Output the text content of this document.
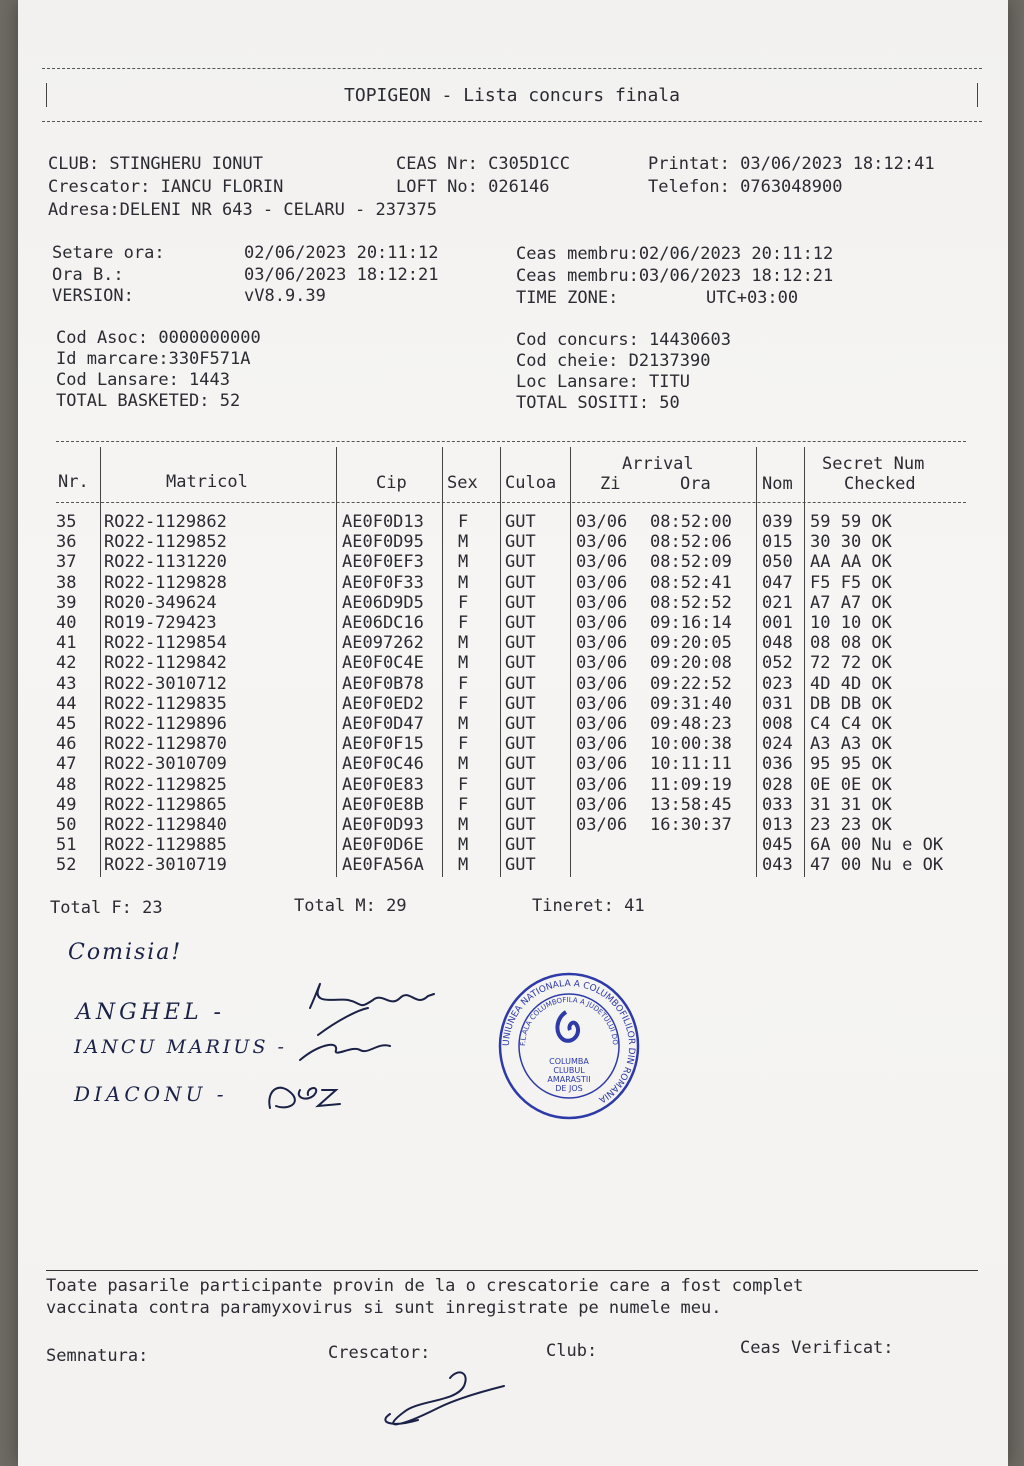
TOPIGEON - Lista concurs finala
CLUB: STINGHERU IONUT	CEAS Nr: C305D1CC	Printat: 03/06/2023 18:12:41
Crescator: IANCU FLORIN	LOFT No: 026146	Telefon: 0763048900
Adresa:DELENI NR 643 - CELARU - 237375
Setare ora:	02/06/2023 20:11:12	Ceas membru:02/06/2023 20:11:12
Ora B.:	03/06/2023 18:12:21	Ceas membru:03/06/2023 18:12:21
VERSION:	vV8.9.39	TIME ZONE:	UTC+03:00
Cod Asoc: 0000000000	Cod concurs: 14430603
Id marcare:330F571A	Cod cheie: D2137390
Cod Lansare: 1443	Loc Lansare: TITU
TOTAL BASKETED: 52	TOTAL SOSITI: 50
Nr.	Matricol	Cip Sex Culoa
Arrival
Zi	Ora	Nom
Secret Num
Checked
35 RO22-1129862	AE0F0D13 F GUT 03/06 08:52:00 039 59 59 OK
36 RO22-1129852	AE0F0D95 M GUT 03/06 08:52:06 015 30 30 OK
37 RO22-1131220	AE0F0EF3 M GUT 03/06 08:52:09 050 AA AA OK
38 RO22-1129828	AE0F0F33 M GUT 03/06 08:52:41 047 F5 F5 OK
39 RO20-349624	AE06D9D5 F GUT 03/06 08:52:52 021 A7 A7 OK
40 RO19-729423	AE06DC16 F GUT 03/06 09:16:14 001 10 10 OK
41 RO22-1129854	AE097262 M GUT 03/06 09:20:05 048 08 08 OK
42 RO22-1129842	AE0F0C4E M GUT 03/06 09:20:08 052 72 72 OK
43 RO22-3010712	AE0F0B78 F GUT 03/06 09:22:52 023 4D 4D OK
44 RO22-1129835	AE0F0ED2 F GUT 03/06 09:31:40 031 DB DB OK
45 RO22-1129896	AE0F0D47 M GUT 03/06 09:48:23 008 C4 C4 OK
46 RO22-1129870	AE0F0F15 F GUT 03/06 10:00:38 024 A3 A3 OK
47 RO22-3010709	AE0F0C46 M GUT 03/06 10:11:11 036 95 95 OK
48 RO22-1129825	AE0F0E83 F GUT 03/06 11:09:19 028 0E 0E OK
49 RO22-1129865	AE0F0E8B F GUT 03/06 13:58:45 033 31 31 OK
50 RO22-1129840	AE0F0D93 M GUT 03/06 16:30:37 013 23 23 OK
51 RO22-1129885	AE0F0D6E M GUT	045 6A 00 Nu e OK
52 RO22-3010719	AE0FA56A M GUT	043 47 00 Nu e OK
Total F: 23	Total M: 29	Tineret: 41
Comisia!
ANGHEL -
IANCU MARIUS -
DIACONU -
UNIUNEA NATIONALA A COLUMBOFILILOR DIN ROMANIA
F.L.ALA COLUMBOFILA A JUDETULUI DO
COLUMBA
CLUBUL
AMARASTII
DE JOS
Toate pasarile participante provin de la o crescatorie care a fost complet
vaccinata contra paramyxovirus si sunt inregistrate pe numele meu.
Semnatura:	Crescator:	Club:	Ceas Verificat:
